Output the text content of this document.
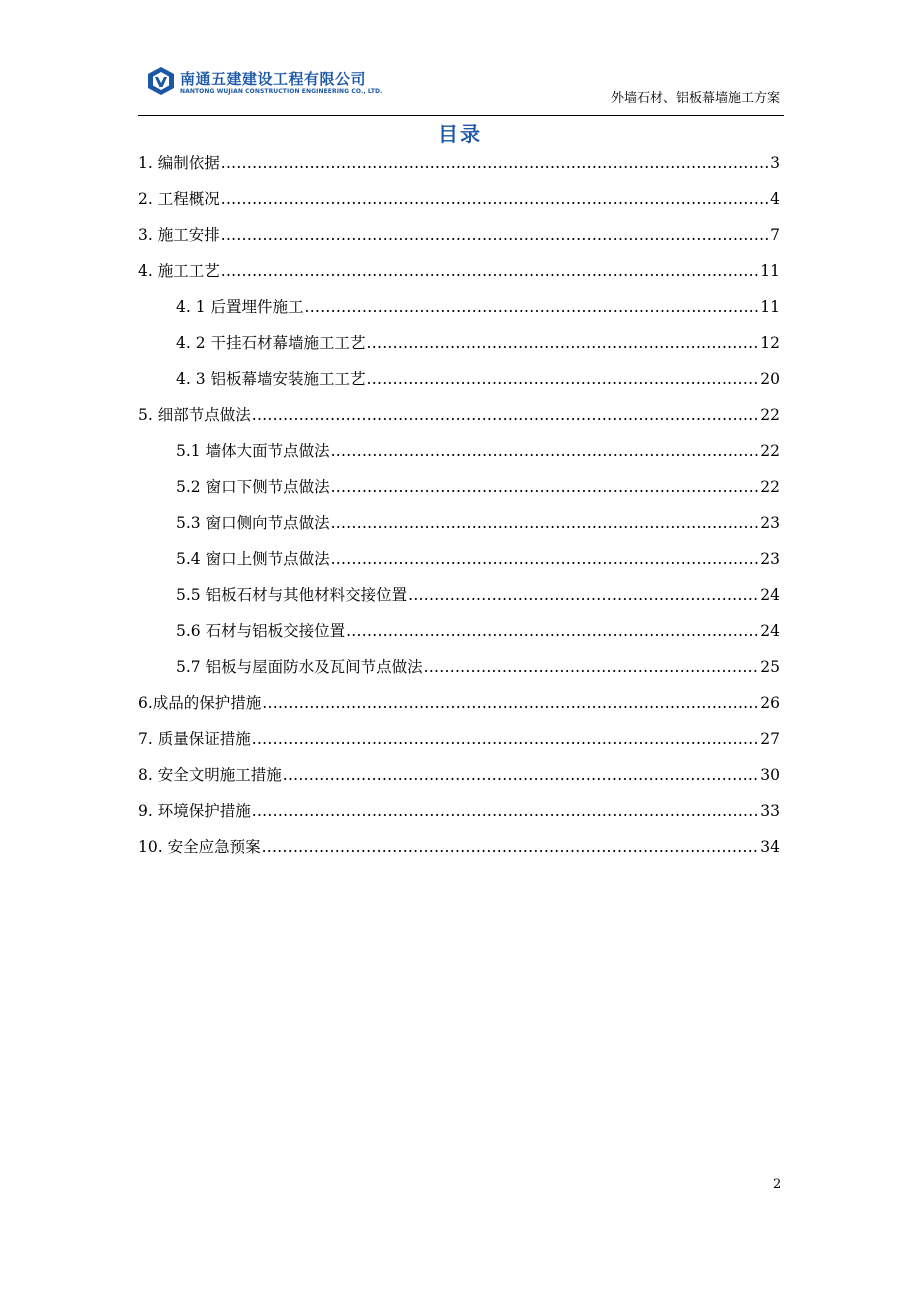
南通五建建设工程有限公司
NANTONG WUJIAN CONSTRUCTION ENGINEERING CO., LTD.	外墙石材、铝板幕墙施工方案
目录
1. 编制依据 .....	3
2. 工程概况 .....	4
3. 施工安排 .....	7
4. 施工工艺 .....	11
4. 1 后置埋件施工 .....	11
4. 2 干挂石材幕墙施工工艺 .....	12
4. 3 铝板幕墙安装施工工艺 .....	20
5. 细部节点做法 .....	22
5.1 墙体大面节点做法 .....	22
5.2 窗口下侧节点做法 .....	22
5.3 窗口侧向节点做法 .....	23
5.4 窗口上侧节点做法 .....	23
5.5 铝板石材与其他材料交接位置 .....	24
5.6 石材与铝板交接位置 .....	24
5.7 铝板与屋面防水及瓦间节点做法 .....	25
6.成品的保护措施 .....	26
7. 质量保证措施 .....	27
8. 安全文明施工措施 .....	30
9. 环境保护措施 .....	33
10. 安全应急预案 .....	34
2
